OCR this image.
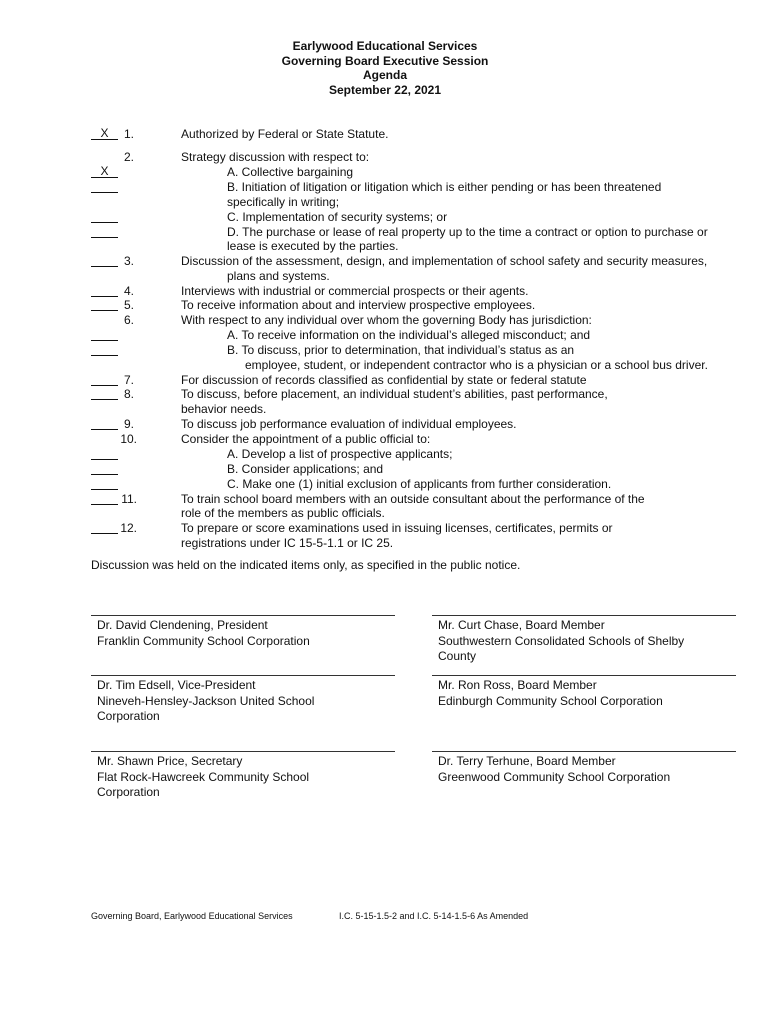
Earlywood Educational Services
Governing Board Executive Session
Agenda
September 22, 2021
X	1.	Authorized by Federal or State Statute.
2.	Strategy discussion with respect to:
X	A. Collective bargaining
B. Initiation of litigation or litigation which is either pending or has been threatened
specifically in writing;
C. Implementation of security systems; or
D. The purchase or lease of real property up to the time a contract or option to purchase or
lease is executed by the parties.
3.	Discussion of the assessment, design, and implementation of school safety and security measures,
plans and systems.
4.	Interviews with industrial or commercial prospects or their agents.
5.	To receive information about and interview prospective employees.
6.	With respect to any individual over whom the governing Body has jurisdiction:
A. To receive information on the individual’s alleged misconduct; and
B. To discuss, prior to determination, that individual’s status as an
employee, student, or independent contractor who is a physician or a school bus driver.
7.	For discussion of records classified as confidential by state or federal statute
8.	To discuss, before placement, an individual student’s abilities, past performance,
behavior needs.
9.	To discuss job performance evaluation of individual employees.
10.	Consider the appointment of a public official to:
A. Develop a list of prospective applicants;
B. Consider applications; and
C. Make one (1) initial exclusion of applicants from further consideration.
11.	To train school board members with an outside consultant about the performance of the
role of the members as public officials.
12.	To prepare or score examinations used in issuing licenses, certificates, permits or
registrations under IC 15-5-1.1 or IC 25.
Discussion was held on the indicated items only, as specified in the public notice.
Dr. David Clendening, President
Franklin Community School Corporation
Mr. Curt Chase, Board Member
Southwestern Consolidated Schools of Shelby
County
Dr. Tim Edsell, Vice-President
Nineveh-Hensley-Jackson United School
Corporation
Mr. Ron Ross, Board Member
Edinburgh Community School Corporation
Mr. Shawn Price, Secretary
Flat Rock-Hawcreek Community School
Corporation
Dr. Terry Terhune, Board Member
Greenwood Community School Corporation
Governing Board, Earlywood Educational Services	I.C. 5-15-1.5-2 and I.C. 5-14-1.5-6 As Amended
